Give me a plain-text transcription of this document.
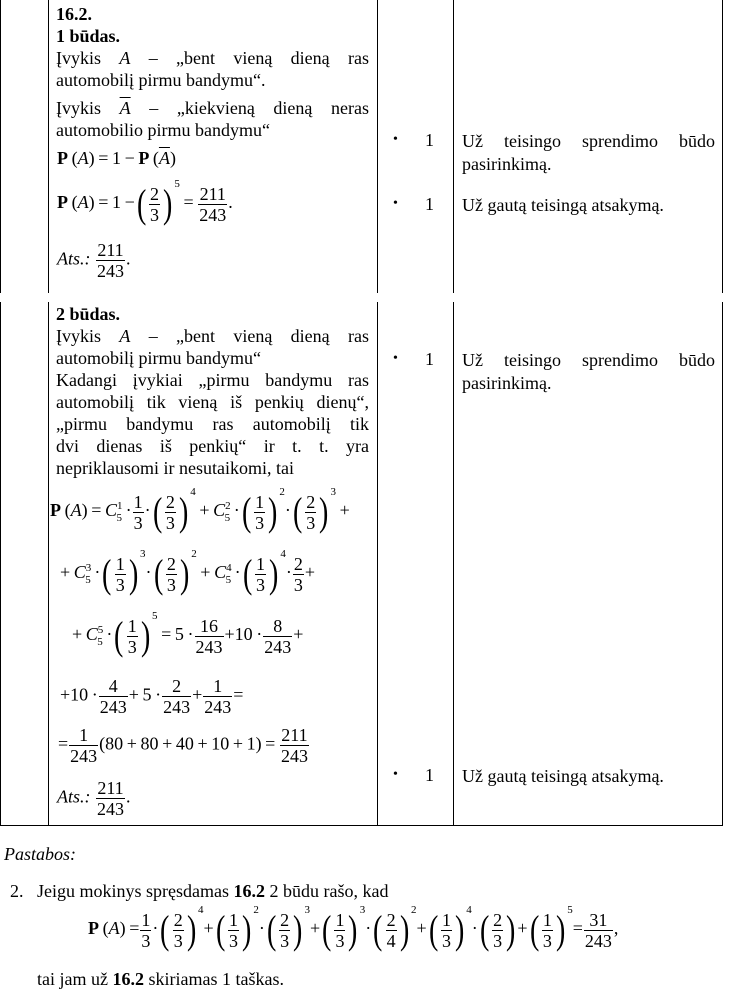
16.2.
1 būdas.
Įvykis A – „bent vieną dieną ras
automobilį pirmu bandymu“.
Įvykis $\overline{A}$ – „kiekvieną dieną neras
automobilio pirmu bandymu“
P (A) = 1 − P $(\overline{A})$
P (A) = 1 −( $\frac{2}{3}$ ) $^5 = \frac{211}{243}$ .
Ats.: $\frac{211}{243}$ .
• 1 Už teisingo sprendimo būdo
pasirinkimą.
• 1 Už gautą teisingą atsakymą.
2 būdas.
Įvykis A – „bent vieną dieną ras
automobilį pirmu bandymu“
Kadangi įvykiai „pirmu bandymu ras
automobilį tik vieną iš penkių dienų“,
„pirmu bandymu ras automobilį tik
dvi dienas iš penkių“ ir t. t. yra
nepriklausomi ir nesutaikomi, tai
P $(A) = C^1_5 \cdot \frac{1}{3}$ ·( $\frac{2}{3}$ ) $^4 + C^2_5$ ·( $\frac{1}{3}$ ) $^2\cdot( \frac{2}{3}$ ) $^3$ +
+ $C^3_5$ ·( $\frac{1}{3}$ ) $^3\cdot( \frac{2}{3}$ ) $^2 + C^4_5$ ·( $\frac{1}{3}$ ) $^4\cdot \frac{2}{3}$ +
+ $C^5_5$ ·( $\frac{1}{3}$ ) $^5 = 5 \cdot \frac{16}{243} +10 \cdot \frac{8}{243}$ +
$+10 \cdot \frac{4}{243} + 5 \cdot \frac{2}{243} + \frac{1}{243}$ =
= $\frac{1}{243} (80 + 80 + 40 + 10 + 1) = \frac{211}{243}$
Ats.: $\frac{211}{243}$ .
• 1 Už teisingo sprendimo būdo
pasirinkimą.
• 1 Už gautą teisingą atsakymą.
Pastabos:
2. Jeigu mokinys spręsdamas 16.2 2 būdu rašo, kad
P $(A) = \frac{1}{3}$ ·( $\frac{2}{3}$ ) $^4+( \frac{1}{3}$ ) $^2\cdot( \frac{2}{3}$ ) $^3+( \frac{1}{3}$ ) $^3\cdot( \frac{2}{4}$ ) $^2+( \frac{1}{3}$ ) $^4\cdot( \frac{2}{3}$ ) +( $\frac{1}{3}$ ) $^5= \frac{31}{243}$ ,
tai jam už 16.2 skiriamas 1 taškas.
